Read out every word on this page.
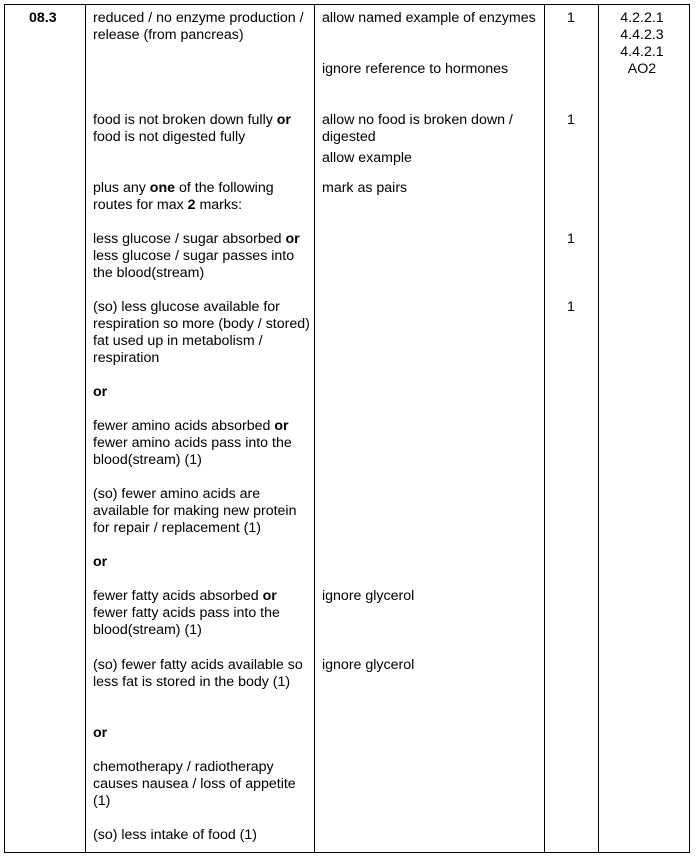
08.3	reduced / no enzyme production / release (from pancreas)

food is not broken down fully or food is not digested fully

plus any one of the following routes for max 2 marks:

less glucose / sugar absorbed or less glucose / sugar passes into the blood(stream)

(so) less glucose available for respiration so more (body / stored) fat used up in metabolism / respiration

or

fewer amino acids absorbed or fewer amino acids pass into the blood(stream) (1)

(so) fewer amino acids are available for making new protein for repair / replacement (1)

or

fewer fatty acids absorbed or fewer fatty acids pass into the blood(stream) (1)

(so) fewer fatty acids available so less fat is stored in the body (1)

or

chemotherapy / radiotherapy causes nausea / loss of appetite (1)

(so) less intake of food (1)

allow named example of enzymes

ignore reference to hormones

allow no food is broken down / digested

allow example

mark as pairs

ignore glycerol

ignore glycerol

1

1

1

1

4.2.2.1
4.4.2.3
4.4.2.1
AO2
